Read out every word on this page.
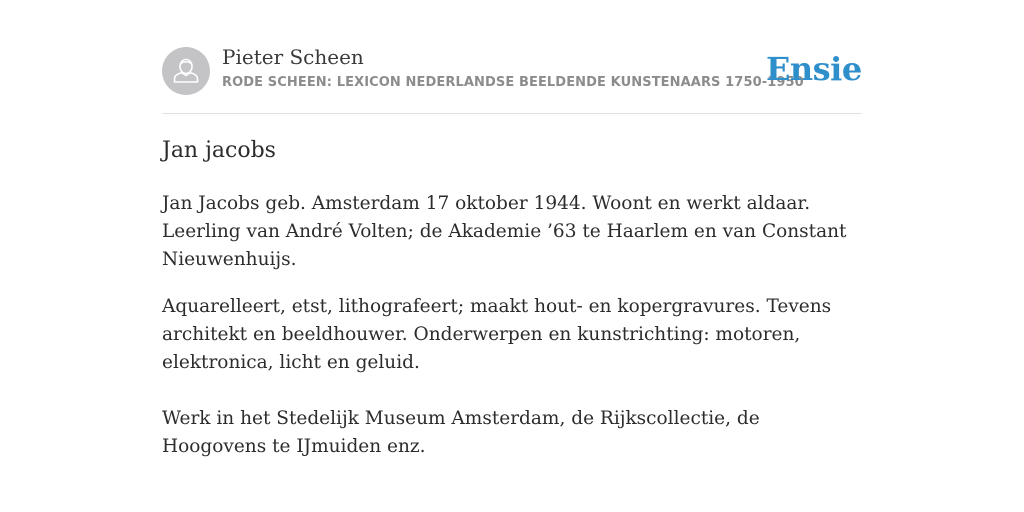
Pieter Scheen
RODE SCHEEN: LEXICON NEDERLANDSE BEELDENDE KUNSTENAARS 1750-1950
Ensie
Jan jacobs

Jan Jacobs geb. Amsterdam 17 oktober 1944. Woont en werkt aldaar. Leerling van André Volten; de Akademie ’63 te Haarlem en van Constant Nieuwenhuijs.

Aquarelleert, etst, lithografeert; maakt hout- en kopergravures. Tevens architekt en beeldhouwer. Onderwerpen en kunstrichting: motoren, elektronica, licht en geluid.

Werk in het Stedelijk Museum Amsterdam, de Rijkscollectie, de Hoogovens te IJmuiden enz.
